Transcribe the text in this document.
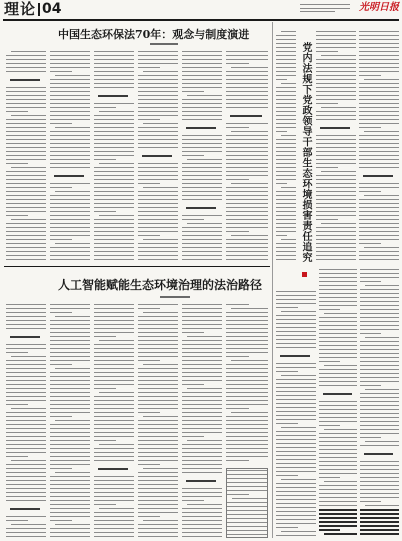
理论 04	光明日报
中国生态环保法70年：观念与制度演进
人工智能赋能生态环境治理的法治路径
党内法规下党政领导干部生态环境损害责任追究
